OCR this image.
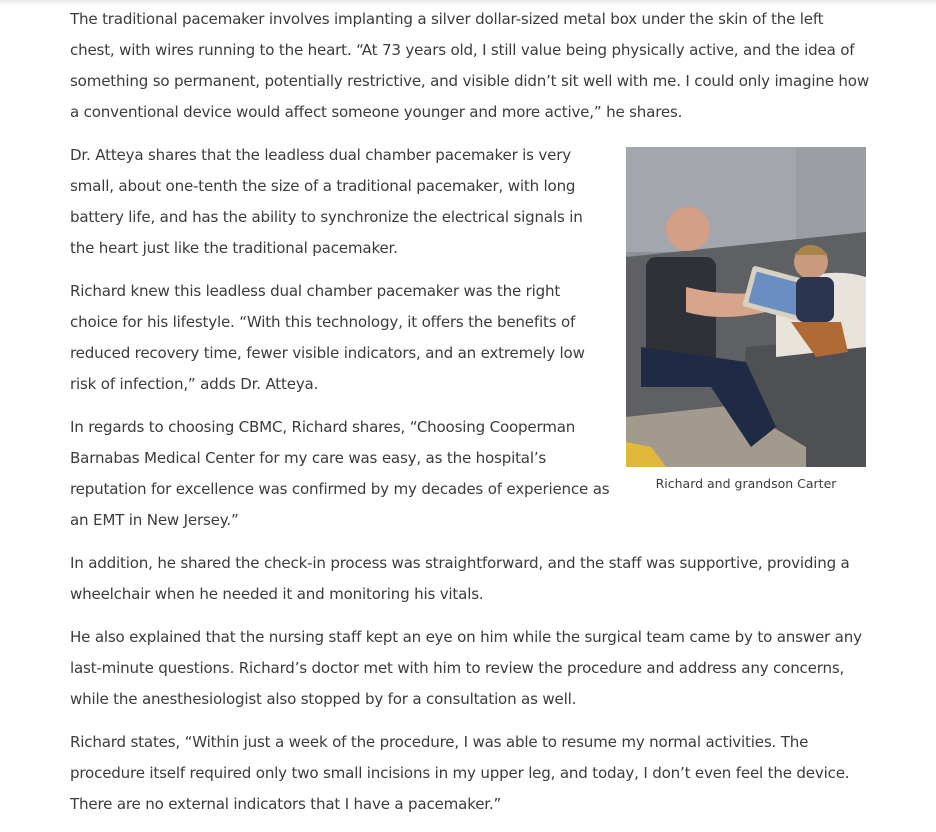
The traditional pacemaker involves implanting a silver dollar-sized metal box under the skin of the left chest, with wires running to the heart. “At 73 years old, I still value being physically active, and the idea of something so permanent, potentially restrictive, and visible didn’t sit well with me. I could only imagine how a conventional device would affect someone younger and more active,” he shares.

Richard and grandson Carter

Dr. Atteya shares that the leadless dual chamber pacemaker is very small, about one-tenth the size of a traditional pacemaker, with long battery life, and has the ability to synchronize the electrical signals in the heart just like the traditional pacemaker.

Richard knew this leadless dual chamber pacemaker was the right choice for his lifestyle. “With this technology, it offers the benefits of reduced recovery time, fewer visible indicators, and an extremely low risk of infection,” adds Dr. Atteya.

In regards to choosing CBMC, Richard shares, “Choosing Cooperman Barnabas Medical Center for my care was easy, as the hospital’s reputation for excellence was confirmed by my decades of experience as an EMT in New Jersey.”

In addition, he shared the check-in process was straightforward, and the staff was supportive, providing a wheelchair when he needed it and monitoring his vitals.

He also explained that the nursing staff kept an eye on him while the surgical team came by to answer any last-minute questions. Richard’s doctor met with him to review the procedure and address any concerns, while the anesthesiologist also stopped by for a consultation as well.

Richard states, “Within just a week of the procedure, I was able to resume my normal activities. The procedure itself required only two small incisions in my upper leg, and today, I don’t even feel the device. There are no external indicators that I have a pacemaker.”
